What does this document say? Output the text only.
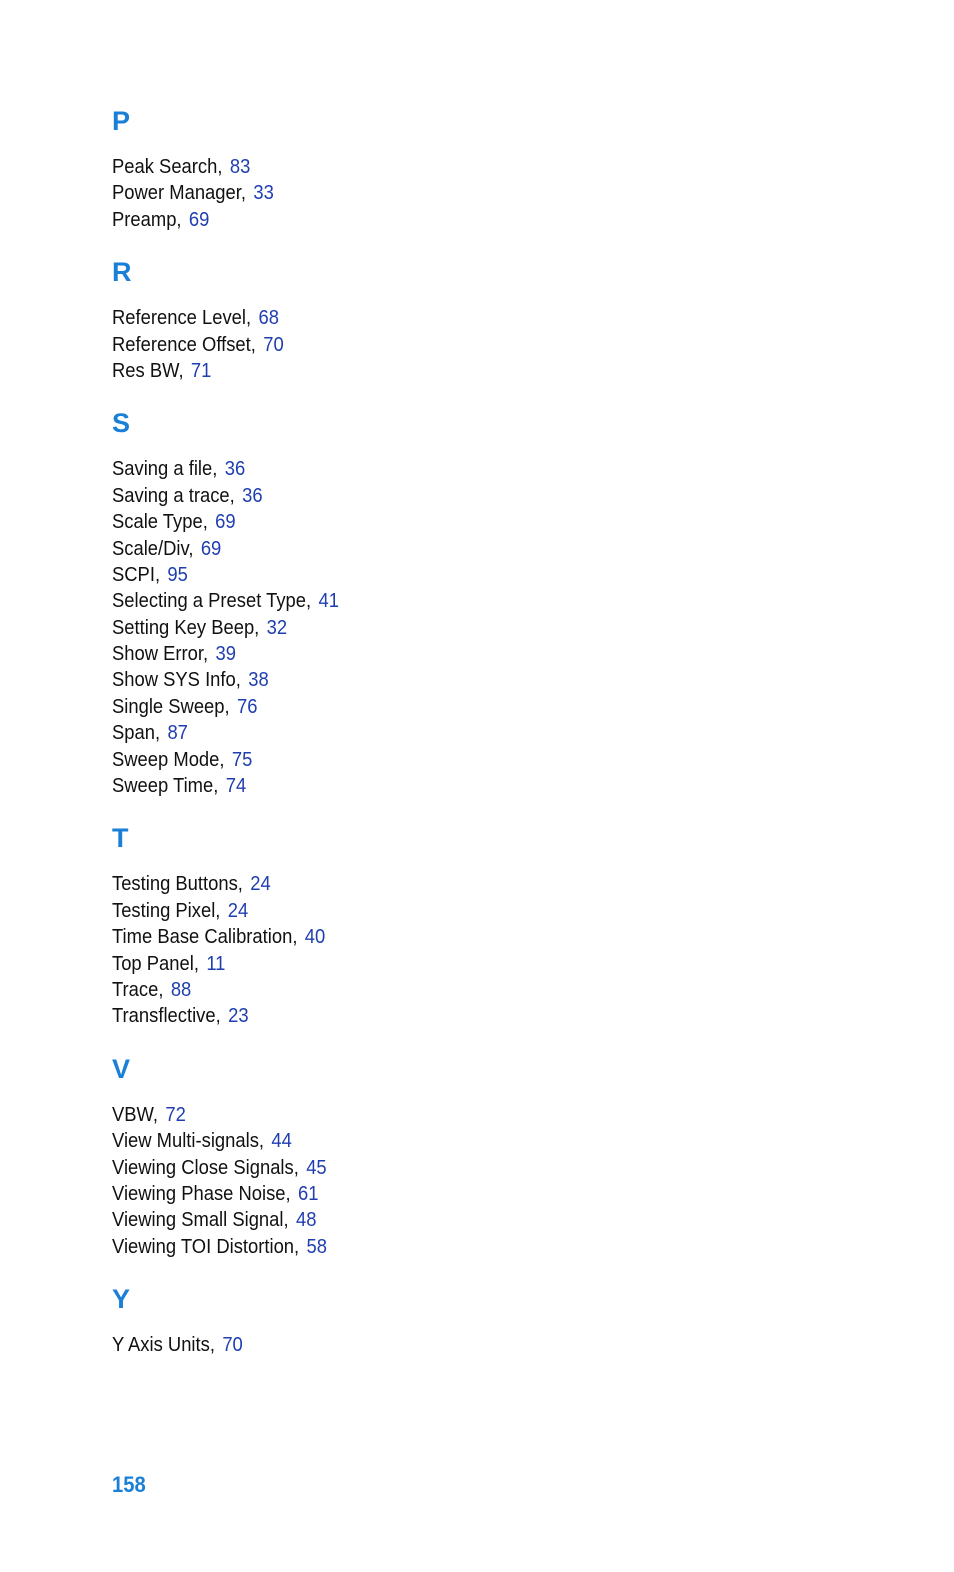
P
Peak Search, 83
Power Manager, 33
Preamp, 69
R
Reference Level, 68
Reference Offset, 70
Res BW, 71
S
Saving a file, 36
Saving a trace, 36
Scale Type, 69
Scale/Div, 69
SCPI, 95
Selecting a Preset Type, 41
Setting Key Beep, 32
Show Error, 39
Show SYS Info, 38
Single Sweep, 76
Span, 87
Sweep Mode, 75
Sweep Time, 74
T
Testing Buttons, 24
Testing Pixel, 24
Time Base Calibration, 40
Top Panel, 11
Trace, 88
Transflective, 23
V
VBW, 72
View Multi-signals, 44
Viewing Close Signals, 45
Viewing Phase Noise, 61
Viewing Small Signal, 48
Viewing TOI Distortion, 58
Y
Y Axis Units, 70
158
